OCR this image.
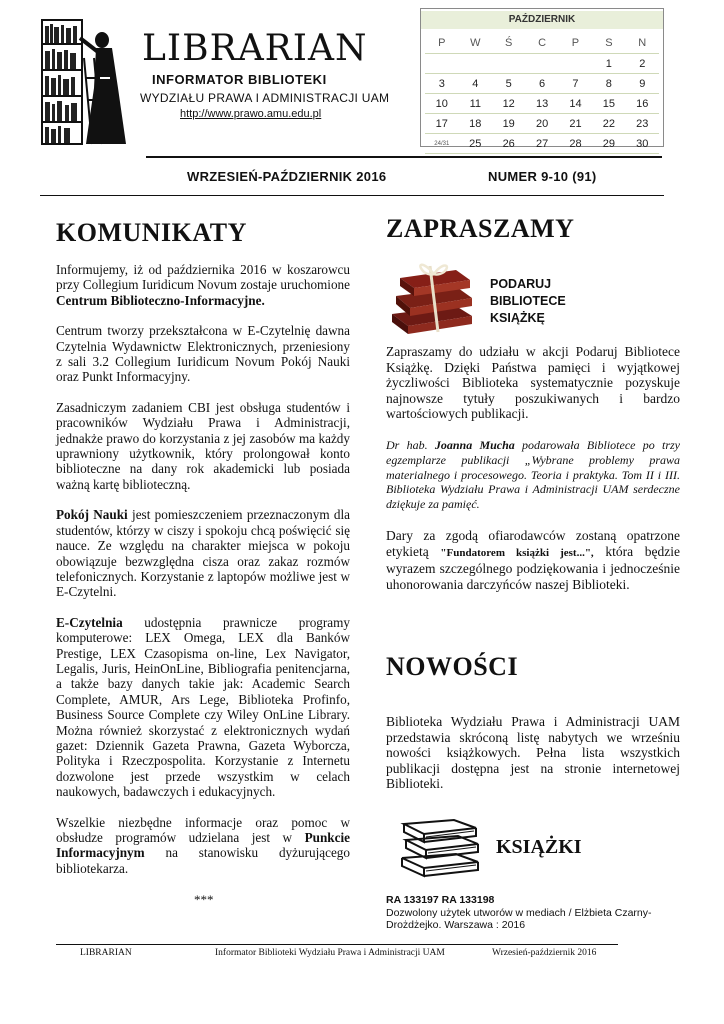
LIBRARIAN
INFORMATOR BIBLIOTEKI
WYDZIAŁU PRAWA I ADMINISTRACJI UAM
http://www.prawo.amu.edu.pl
PAŹDZIERNIK
P	W	Ś	C	P	S	N
					1	2
3	4	5	6	7	8	9
10	11	12	13	14	15	16
17	18	19	20	21	22	23
24/31	25	26	27	28	29	30
WRZESIEŃ-PAŹDZIERNIK 2016	NUMER 9-10 (91)
KOMUNIKATY

Informujemy, iż od października 2016 w koszarowcu przy Collegium Iuridicum Novum zostaje uruchomione Centrum Biblioteczno-Informacyjne.

Centrum tworzy przekształcona w E-Czytelnię dawna Czytelnia Wydawnictw Elektronicznych, przeniesiony z sali 3.2 Collegium Iuridicum Novum Pokój Nauki oraz Punkt Informacyjny.

Zasadniczym zadaniem CBI jest obsługa studentów i pracowników Wydziału Prawa i Administracji, jednakże prawo do korzystania z jej zasobów ma każdy uprawniony użytkownik, który prolongował konto biblioteczne na dany rok akademicki lub posiada ważną kartę biblioteczną.

Pokój Nauki jest pomieszczeniem przeznaczonym dla studentów, którzy w ciszy i spokoju chcą poświęcić się nauce. Ze względu na charakter miejsca w pokoju obowiązuje bezwzględna cisza oraz zakaz rozmów telefonicznych. Korzystanie z laptopów możliwe jest w E-Czytelni.

E-Czytelnia udostępnia prawnicze programy komputerowe: LEX Omega, LEX dla Banków Prestige, LEX Czasopisma on-line, Lex Navigator, Legalis, Juris, HeinOnLine, Bibliografia penitencjarna, a także bazy danych takie jak: Academic Search Complete, AMUR, Ars Lege, Biblioteka Profinfo, Business Source Complete czy Wiley OnLine Library. Można również skorzystać z elektronicznych wydań gazet: Dziennik Gazeta Prawna, Gazeta Wyborcza, Polityka i Rzeczpospolita. Korzystanie z Internetu dozwolone jest przede wszystkim w celach naukowych, badawczych i edukacyjnych.

Wszelkie niezbędne informacje oraz pomoc w obsłudze programów udzielana jest w Punkcie Informacyjnym na stanowisku dyżurującego bibliotekarza.

***
ZAPRASZAMY
PODARUJ
BIBLIOTECE
KSIĄŻKĘ

Zapraszamy do udziału w akcji Podaruj Bibliotece Książkę. Dzięki Państwa pamięci i wyjątkowej życzliwości Biblioteka systematycznie pozyskuje najnowsze tytuły poszukiwanych i bardzo wartościowych publikacji.

Dr hab. Joanna Mucha podarowała Bibliotece po trzy egzemplarze publikacji „Wybrane problemy prawa materialnego i procesowego. Teoria i praktyka. Tom II i III. Biblioteka Wydziału Prawa i Administracji UAM serdeczne dziękuje za pamięć.

Dary za zgodą ofiarodawców zostaną opatrzone etykietą "Fundatorem książki jest...", która będzie wyrazem szczególnego podziękowania i jednocześnie uhonorowania darczyńców naszej Biblioteki.

NOWOŚCI

Biblioteka Wydziału Prawa i Administracji UAM przedstawia skróconą listę nabytych we wrześniu nowości książkowych. Pełna lista wszystkich publikacji dostępna jest na stronie internetowej Biblioteki.

KSIĄŻKI
RA 133197 RA 133198
Dozwolony użytek utworów w mediach / Elżbieta Czarny-Drożdżejko. Warszawa : 2016
LIBRARIAN	Informator Biblioteki Wydziału Prawa i Administracji UAM	Wrzesień-październik 2016
